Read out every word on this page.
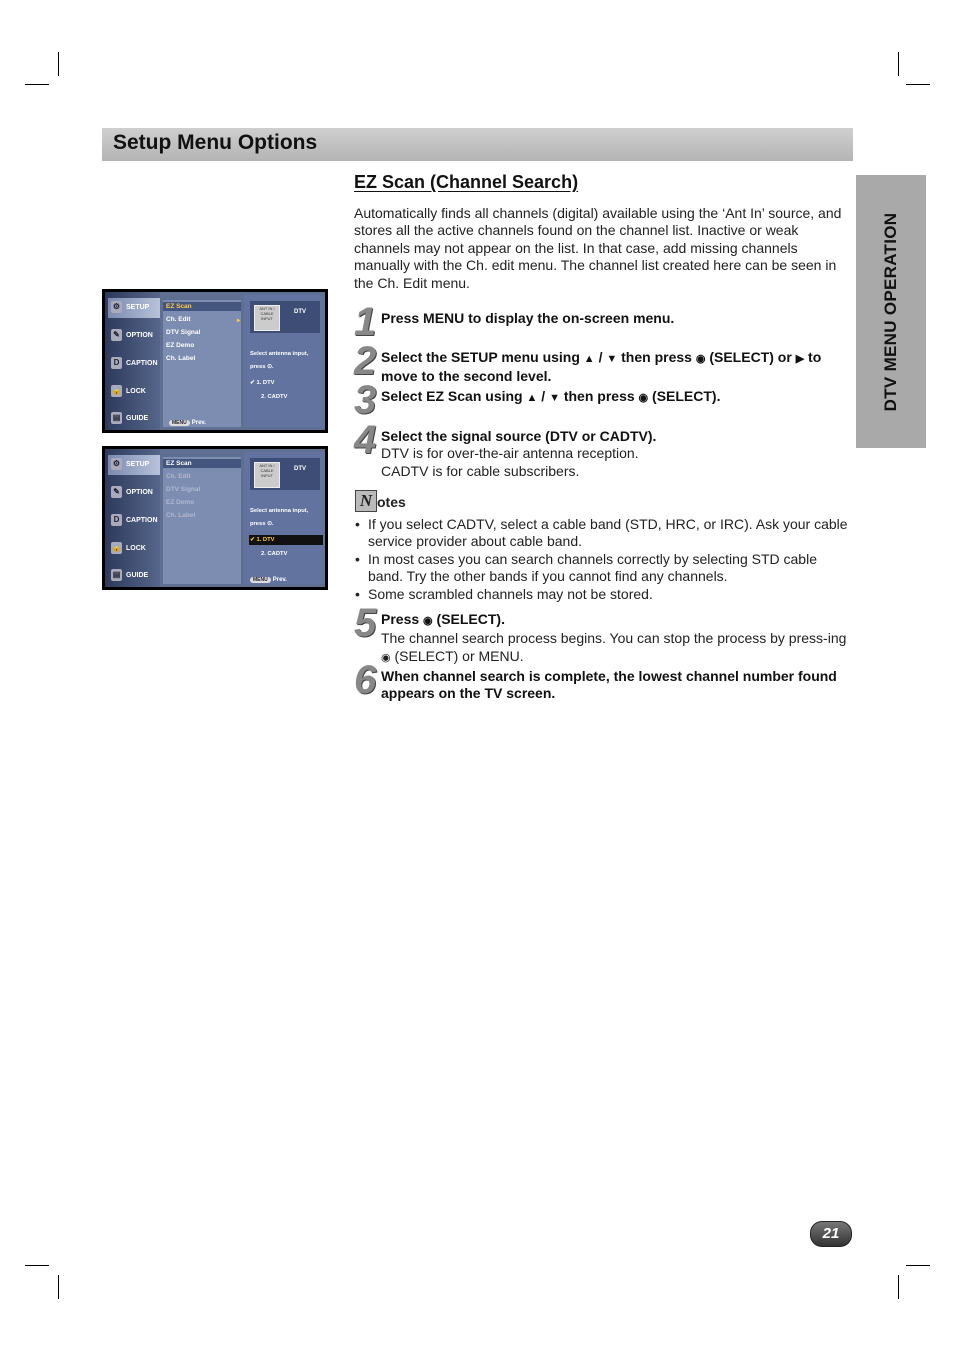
Setup Menu Options
DTV MENU OPERATION
EZ Scan (Channel Search)
Automatically finds all channels (digital) available using the ‘Ant In’ source, and stores all the active channels found on the channel list. Inactive or weak channels may not appear on the list. In that case, add missing channels manually with the Ch. edit menu. The channel list created here can be seen in the Ch. Edit menu.
1 Press MENU to display the on-screen menu.
2 Select the SETUP menu using ▲ / ▼ then press ◉ (SELECT) or ▶ to move to the second level.
3 Select EZ Scan using ▲ / ▼ then press ◉ (SELECT).
4 Select the signal source (DTV or CADTV).
DTV is for over-the-air antenna reception.
CADTV is for cable subscribers.
N otes
• If you select CADTV, select a cable band (STD, HRC, or IRC). Ask your cable service provider about cable band.
• In most cases you can search channels correctly by selecting STD cable band. Try the other bands if you cannot find any channels.
• Some scrambled channels may not be stored.
5 Press ◉ (SELECT).
The channel search process begins. You can stop the process by press-ing ◉ (SELECT) or MENU.
6 When channel search is complete, the lowest channel number found appears on the TV screen.
⚙ SETUP
✎ OPTION
D CAPTION
🔒 LOCK
▤ GUIDE
EZ Scan
▸
Ch. Edit
DTV Signal
EZ Demo
Ch. Label
MENU Prev.
ANT IN / CABLE INPUT
DTV
Select antenna input,
press ⊙.
✔ 1. DTV
2. CADTV
⚙ SETUP
✎ OPTION
D CAPTION
🔒 LOCK
▤ GUIDE
EZ Scan
Ch. Edit
DTV Signal
EZ Demo
Ch. Label
ANT IN / CABLE INPUT
DTV
Select antenna input,
press ⊙.
✔ 1. DTV
2. CADTV
MENU Prev.
21
